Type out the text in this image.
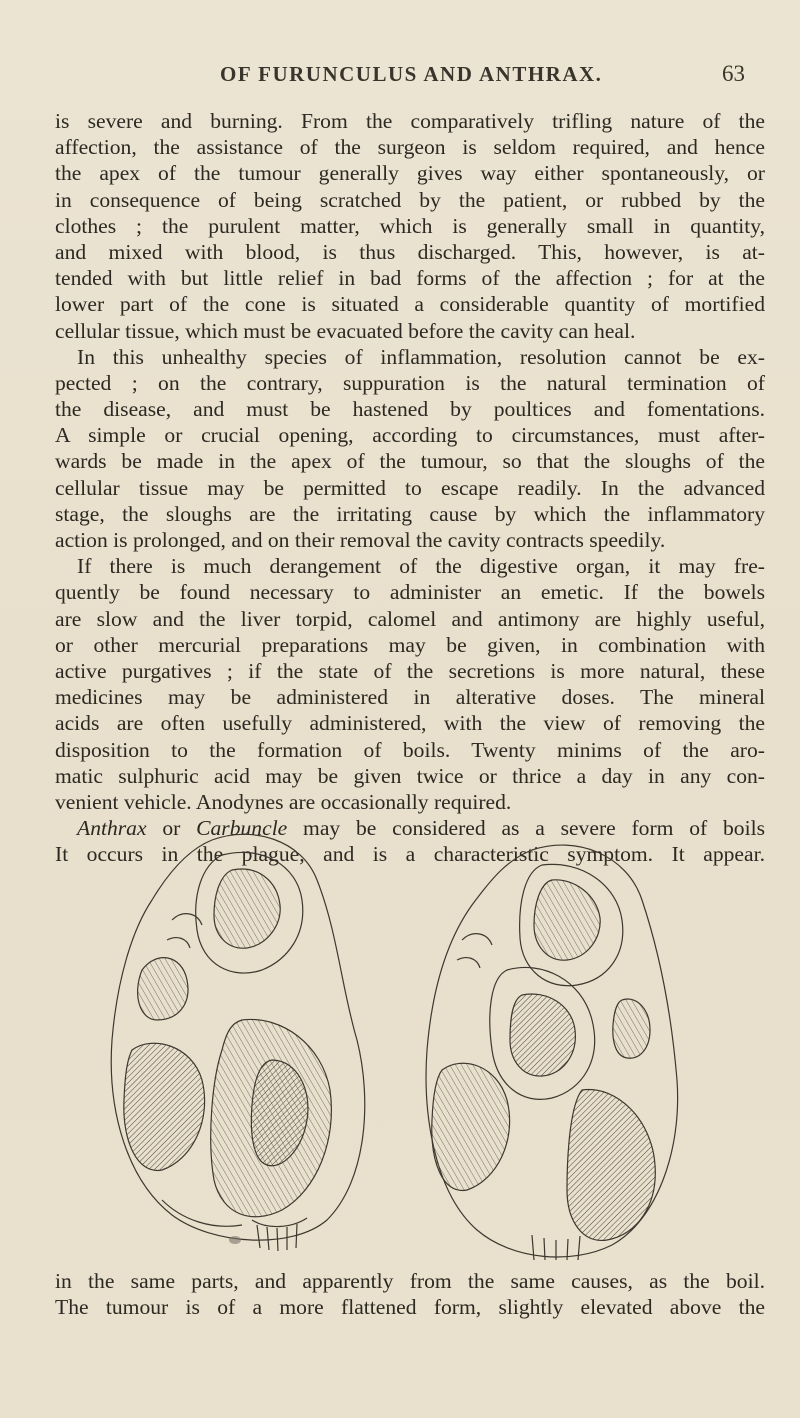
OF FURUNCULUS AND ANTHRAX.	63
is severe and burning. From the comparatively trifling nature of the
affection, the assistance of the surgeon is seldom required, and hence
the apex of the tumour generally gives way either spontaneously, or
in consequence of being scratched by the patient, or rubbed by the
clothes ; the purulent matter, which is generally small in quantity,
and mixed with blood, is thus discharged. This, however, is at-
tended with but little relief in bad forms of the affection ; for at the
lower part of the cone is situated a considerable quantity of mortified
cellular tissue, which must be evacuated before the cavity can heal.
In this unhealthy species of inflammation, resolution cannot be ex-
pected ; on the contrary, suppuration is the natural termination of
the disease, and must be hastened by poultices and fomentations.
A simple or crucial opening, according to circumstances, must after-
wards be made in the apex of the tumour, so that the sloughs of the
cellular tissue may be permitted to escape readily. In the advanced
stage, the sloughs are the irritating cause by which the inflammatory
action is prolonged, and on their removal the cavity contracts speedily.
If there is much derangement of the digestive organ, it may fre-
quently be found necessary to administer an emetic. If the bowels
are slow and the liver torpid, calomel and antimony are highly useful,
or other mercurial preparations may be given, in combination with
active purgatives ; if the state of the secretions is more natural, these
medicines may be administered in alterative doses. The mineral
acids are often usefully administered, with the view of removing the
disposition to the formation of boils. Twenty minims of the aro-
matic sulphuric acid may be given twice or thrice a day in any con-
venient vehicle. Anodynes are occasionally required.
Anthrax or Carbuncle may be considered as a severe form of boils
It occurs in the plague, and is a characteristic symptom. It appear.
in the same parts, and apparently from the same causes, as the boil.
The tumour is of a more flattened form, slightly elevated above the
